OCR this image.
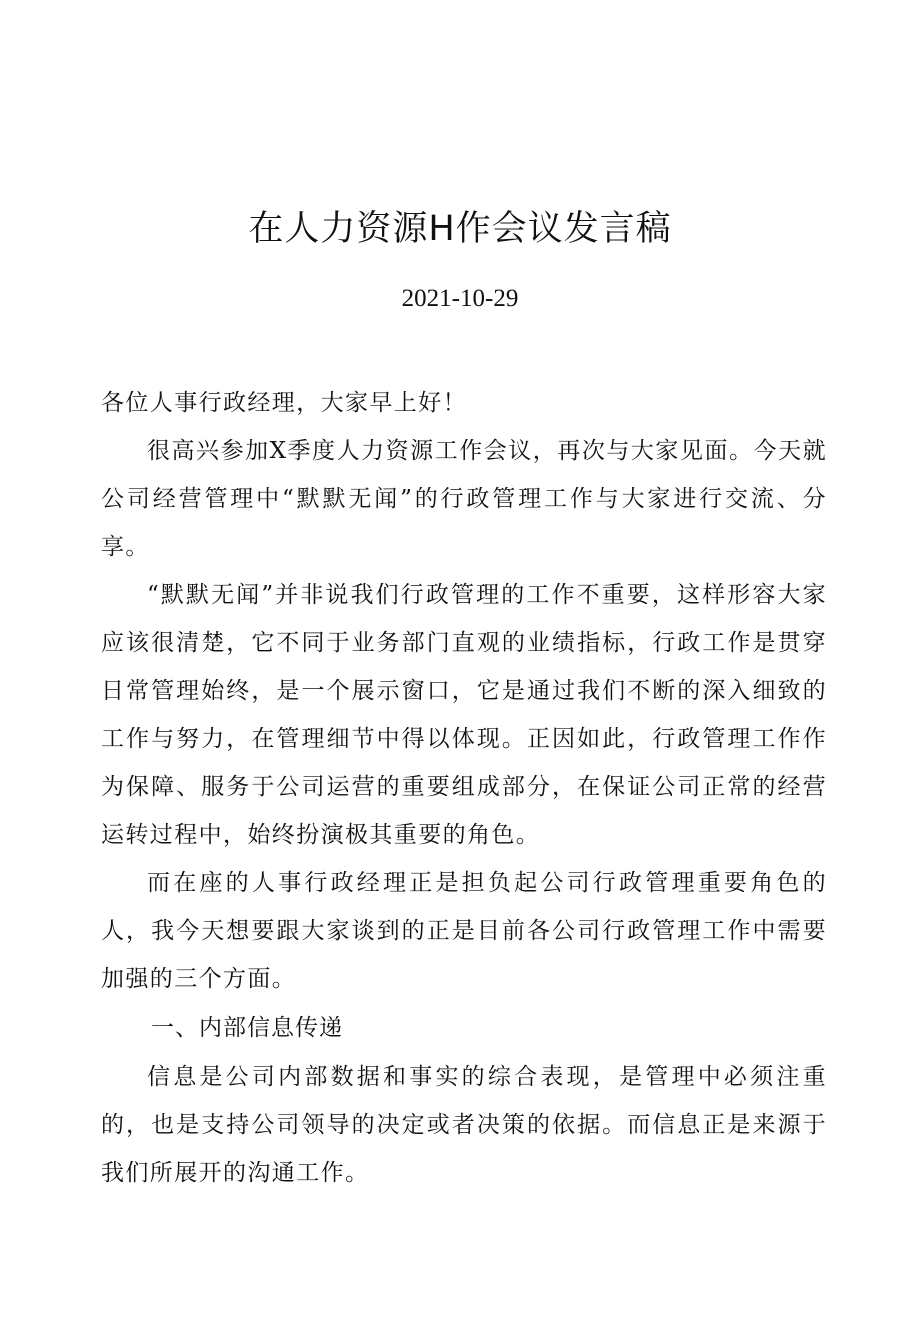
在人力资源H作会议发言稿
2021-10-29

各位人事行政经理，大家早上好！

很高兴参加X季度人力资源工作会议，再次与大家见面。今天就公司经营管理中“默默无闻”的行政管理工作与大家进行交流、分享。

“默默无闻”并非说我们行政管理的工作不重要，这样形容大家应该很清楚，它不同于业务部门直观的业绩指标，行政工作是贯穿日常管理始终，是一个展示窗口，它是通过我们不断的深入细致的工作与努力，在管理细节中得以体现。正因如此，行政管理工作作为保障、服务于公司运营的重要组成部分，在保证公司正常的经营运转过程中，始终扮演极其重要的角色。

而在座的人事行政经理正是担负起公司行政管理重要角色的人，我今天想要跟大家谈到的正是目前各公司行政管理工作中需要加强的三个方面。

一、内部信息传递

信息是公司内部数据和事实的综合表现，是管理中必须注重的，也是支持公司领导的决定或者决策的依据。而信息正是来源于我们所展开的沟通工作。
